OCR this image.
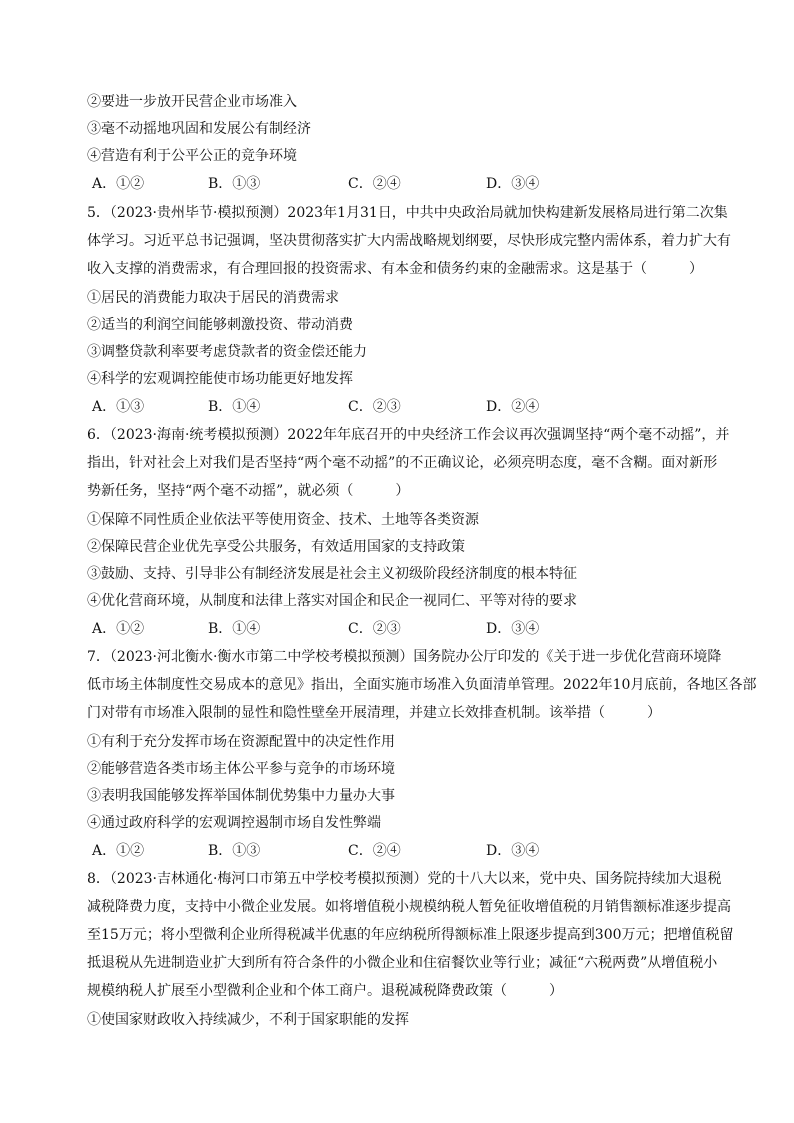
②要进一步放开民营企业市场准入
③毫不动摇地巩固和发展公有制经济
④营造有利于公平公正的竞争环境
A．①②	B．①③	C．②④	D．③④
5．（2023·贵州毕节·模拟预测）2023年1月31日，中共中央政治局就加快构建新发展格局进行第二次集
体学习。习近平总书记强调，坚决贯彻落实扩大内需战略规划纲要，尽快形成完整内需体系，着力扩大有
收入支撑的消费需求，有合理回报的投资需求、有本金和债务约束的金融需求。这是基于（　　　）
①居民的消费能力取决于居民的消费需求
②适当的利润空间能够刺激投资、带动消费
③调整贷款利率要考虑贷款者的资金偿还能力
④科学的宏观调控能使市场功能更好地发挥
A．①③	B．①④	C．②③	D．②④
6．（2023·海南·统考模拟预测）2022年年底召开的中央经济工作会议再次强调坚持“两个毫不动摇”，并
指出，针对社会上对我们是否坚持“两个毫不动摇”的不正确议论，必须亮明态度，毫不含糊。面对新形
势新任务，坚持“两个毫不动摇”，就必须（　　　）
①保障不同性质企业依法平等使用资金、技术、土地等各类资源
②保障民营企业优先享受公共服务，有效适用国家的支持政策
③鼓励、支持、引导非公有制经济发展是社会主义初级阶段经济制度的根本特征
④优化营商环境，从制度和法律上落实对国企和民企一视同仁、平等对待的要求
A．①②	B．①④	C．②③	D．③④
7．（2023·河北衡水·衡水市第二中学校考模拟预测）国务院办公厅印发的《关于进一步优化营商环境降
低市场主体制度性交易成本的意见》指出，全面实施市场准入负面清单管理。2022年10月底前，各地区各部
门对带有市场准入限制的显性和隐性壁垒开展清理，并建立长效排查机制。该举措（　　　）
①有利于充分发挥市场在资源配置中的决定性作用
②能够营造各类市场主体公平参与竞争的市场环境
③表明我国能够发挥举国体制优势集中力量办大事
④通过政府科学的宏观调控遏制市场自发性弊端
A．①②	B．①③	C．②④	D．③④
8．（2023·吉林通化·梅河口市第五中学校考模拟预测）党的十八大以来，党中央、国务院持续加大退税
减税降费力度，支持中小微企业发展。如将增值税小规模纳税人暂免征收增值税的月销售额标准逐步提高
至15万元；将小型微利企业所得税减半优惠的年应纳税所得额标准上限逐步提高到300万元；把增值税留
抵退税从先进制造业扩大到所有符合条件的小微企业和住宿餐饮业等行业；减征“六税两费”从增值税小
规模纳税人扩展至小型微利企业和个体工商户。退税减税降费政策（　　　）
①使国家财政收入持续减少，不利于国家职能的发挥
